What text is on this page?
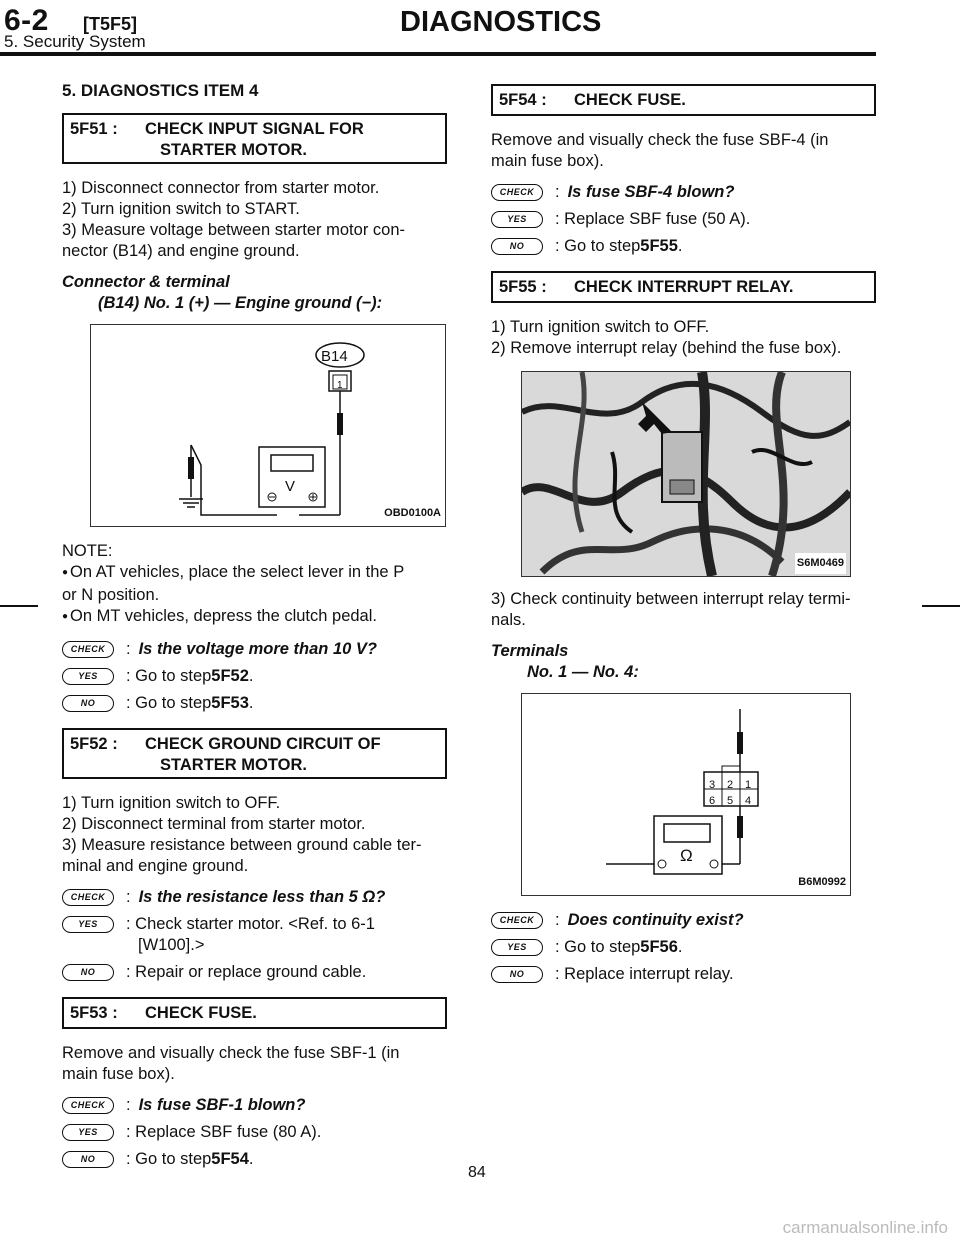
6-2 [T5F5]
5. Security System
DIAGNOSTICS

5. DIAGNOSTICS ITEM 4

5F51 : CHECK INPUT SIGNAL FOR
STARTER MOTOR.

1) Disconnect connector from starter motor.

2) Turn ignition switch to START.

3) Measure voltage between starter motor con-

nector (B14) and engine ground.

Connector & terminal

(B14) No. 1 (+) — Engine ground (−):

B14
1
V
OBD0100A

NOTE:

● On AT vehicles, place the select lever in the P

or N position.

● On MT vehicles, depress the clutch pedal.

CHECK	: Is the voltage more than 10 V?
YES	: Go to step 5F52 .
NO	: Go to step 5F53 .
5F52 : CHECK GROUND CIRCUIT OF
STARTER MOTOR.

1) Turn ignition switch to OFF.

2) Disconnect terminal from starter motor.

3) Measure resistance between ground cable ter-

minal and engine ground.

CHECK	: Is the resistance less than 5 Ω?
YES	: Check starter motor. <Ref. to 6-1
[W100].>
NO	: Repair or replace ground cable.
5F53 : CHECK FUSE.

Remove and visually check the fuse SBF-1 (in

main fuse box).

CHECK	: Is fuse SBF-1 blown?
YES	: Replace SBF fuse (80 A).
NO	: Go to step 5F54 .
5F54 : CHECK FUSE.

Remove and visually check the fuse SBF-4 (in

main fuse box).

CHECK	: Is fuse SBF-4 blown?
YES	: Replace SBF fuse (50 A).
NO	: Go to step 5F55 .
5F55 : CHECK INTERRUPT RELAY.

1) Turn ignition switch to OFF.

2) Remove interrupt relay (behind the fuse box).

S6M0469

3) Check continuity between interrupt relay termi-

nals.

Terminals

No. 1 — No. 4:

3 2 1
6 5 4
Ω
B6M0992
CHECK	: Does continuity exist?
YES	: Go to step 5F56 .
NO	: Replace interrupt relay.
84
carmanualsonline.info
